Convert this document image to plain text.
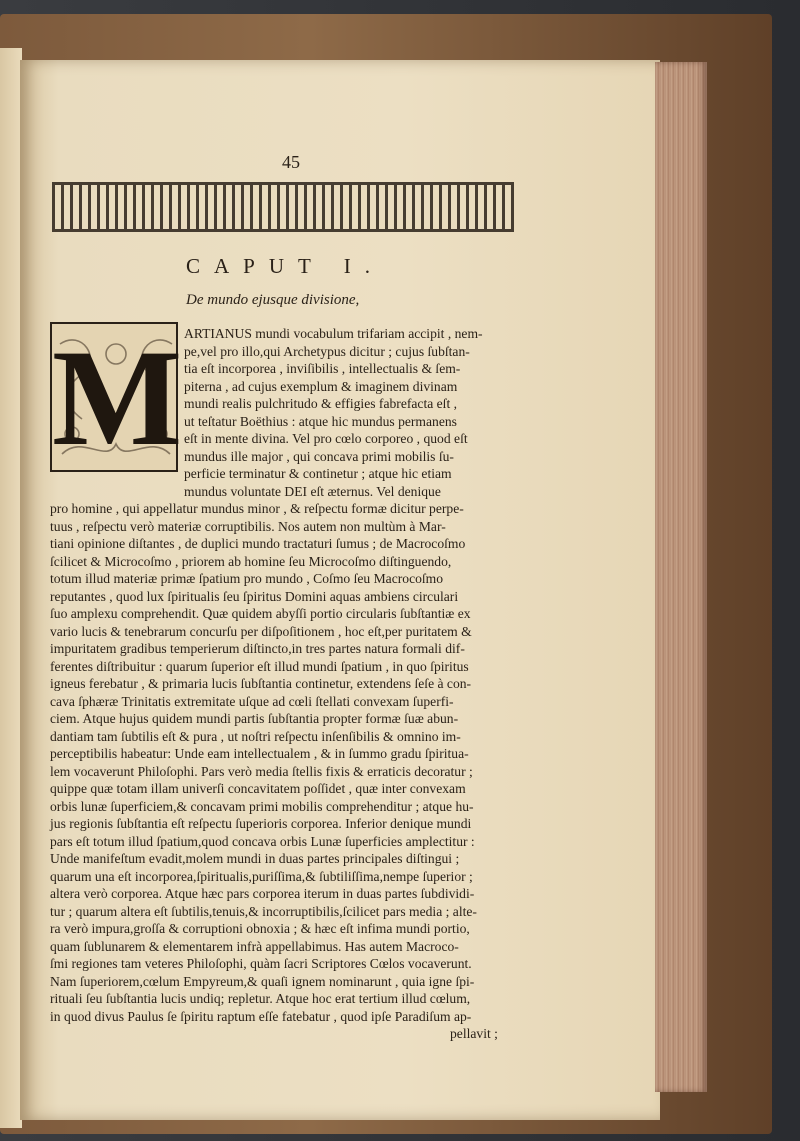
45
CAPUT I.
De mundo ejusque divisione,
M ARTIANUS mundi vocabulum trifariam accipit , nem-
pe,vel pro illo,qui Archetypus dicitur ; cujus ſubſtan-
tia eſt incorporea , inviſibilis , intellectualis & ſem-
piterna , ad cujus exemplum & imaginem divinam
mundi realis pulchritudo & effigies fabrefacta eſt ,
ut teſtatur Boëthius : atque hic mundus permanens
eſt in mente divina. Vel pro cœlo corporeo , quod eſt
mundus ille major , qui concava primi mobilis ſu-
perficie terminatur & continetur ; atque hic etiam
mundus voluntate DEI eſt æternus. Vel denique
pro homine , qui appellatur mundus minor , & reſpectu formæ dicitur perpe-
tuus , reſpectu verò materiæ corruptibilis. Nos autem non multùm à Mar-
tiani opinione diſtantes , de duplici mundo tractaturi ſumus ; de Macrocoſmo
ſcilicet & Microcoſmo , priorem ab homine ſeu Microcoſmo diſtinguendo,
totum illud materiæ primæ ſpatium pro mundo , Coſmo ſeu Macrocoſmo
reputantes , quod lux ſpiritualis ſeu ſpiritus Domini aquas ambiens circulari
ſuo amplexu comprehendit. Quæ quidem abyſſi portio circularis ſubſtantiæ ex
vario lucis & tenebrarum concurſu per diſpoſitionem , hoc eſt,per puritatem &
impuritatem gradibus temperierum diſtincto,in tres partes natura formali dif-
ferentes diſtribuitur : quarum ſuperior eſt illud mundi ſpatium , in quo ſpiritus
igneus ferebatur , & primaria lucis ſubſtantia continetur, extendens ſeſe à con-
cava ſphæræ Trinitatis extremitate uſque ad cœli ſtellati convexam ſuperfi-
ciem. Atque hujus quidem mundi partis ſubſtantia propter formæ ſuæ abun-
dantiam tam ſubtilis eſt & pura , ut noſtri reſpectu inſenſibilis & omnino im-
perceptibilis habeatur: Unde eam intellectualem , & in ſummo gradu ſpiritua-
lem vocaverunt Philoſophi. Pars verò media ſtellis fixis & erraticis decoratur ;
quippe quæ totam illam univerſi concavitatem poſſidet , quæ inter convexam
orbis lunæ ſuperficiem,& concavam primi mobilis comprehenditur ; atque hu-
jus regionis ſubſtantia eſt reſpectu ſuperioris corporea. Inferior denique mundi
pars eſt totum illud ſpatium,quod concava orbis Lunæ ſuperficies amplectitur :
Unde manifeſtum evadit,molem mundi in duas partes principales diſtingui ;
quarum una eſt incorporea,ſpiritualis,puriſſima,& ſubtiliſſima,nempe ſuperior ;
altera verò corporea. Atque hæc pars corporea iterum in duas partes ſubdividi-
tur ; quarum altera eſt ſubtilis,tenuis,& incorruptibilis,ſcilicet pars media ; alte-
ra verò impura,groſſa & corruptioni obnoxia ; & hæc eſt infima mundi portio,
quam ſublunarem & elementarem infrà appellabimus. Has autem Macroco-
ſmi regiones tam veteres Philoſophi, quàm ſacri Scriptores Cœlos vocaverunt.
Nam ſuperiorem,cœlum Empyreum,& quaſi ignem nominarunt , quia igne ſpi-
rituali ſeu ſubſtantia lucis undiq; repletur. Atque hoc erat tertium illud cœlum,
in quod divus Paulus ſe ſpiritu raptum eſſe fatebatur , quod ipſe Paradiſum ap-
pellavit ;
